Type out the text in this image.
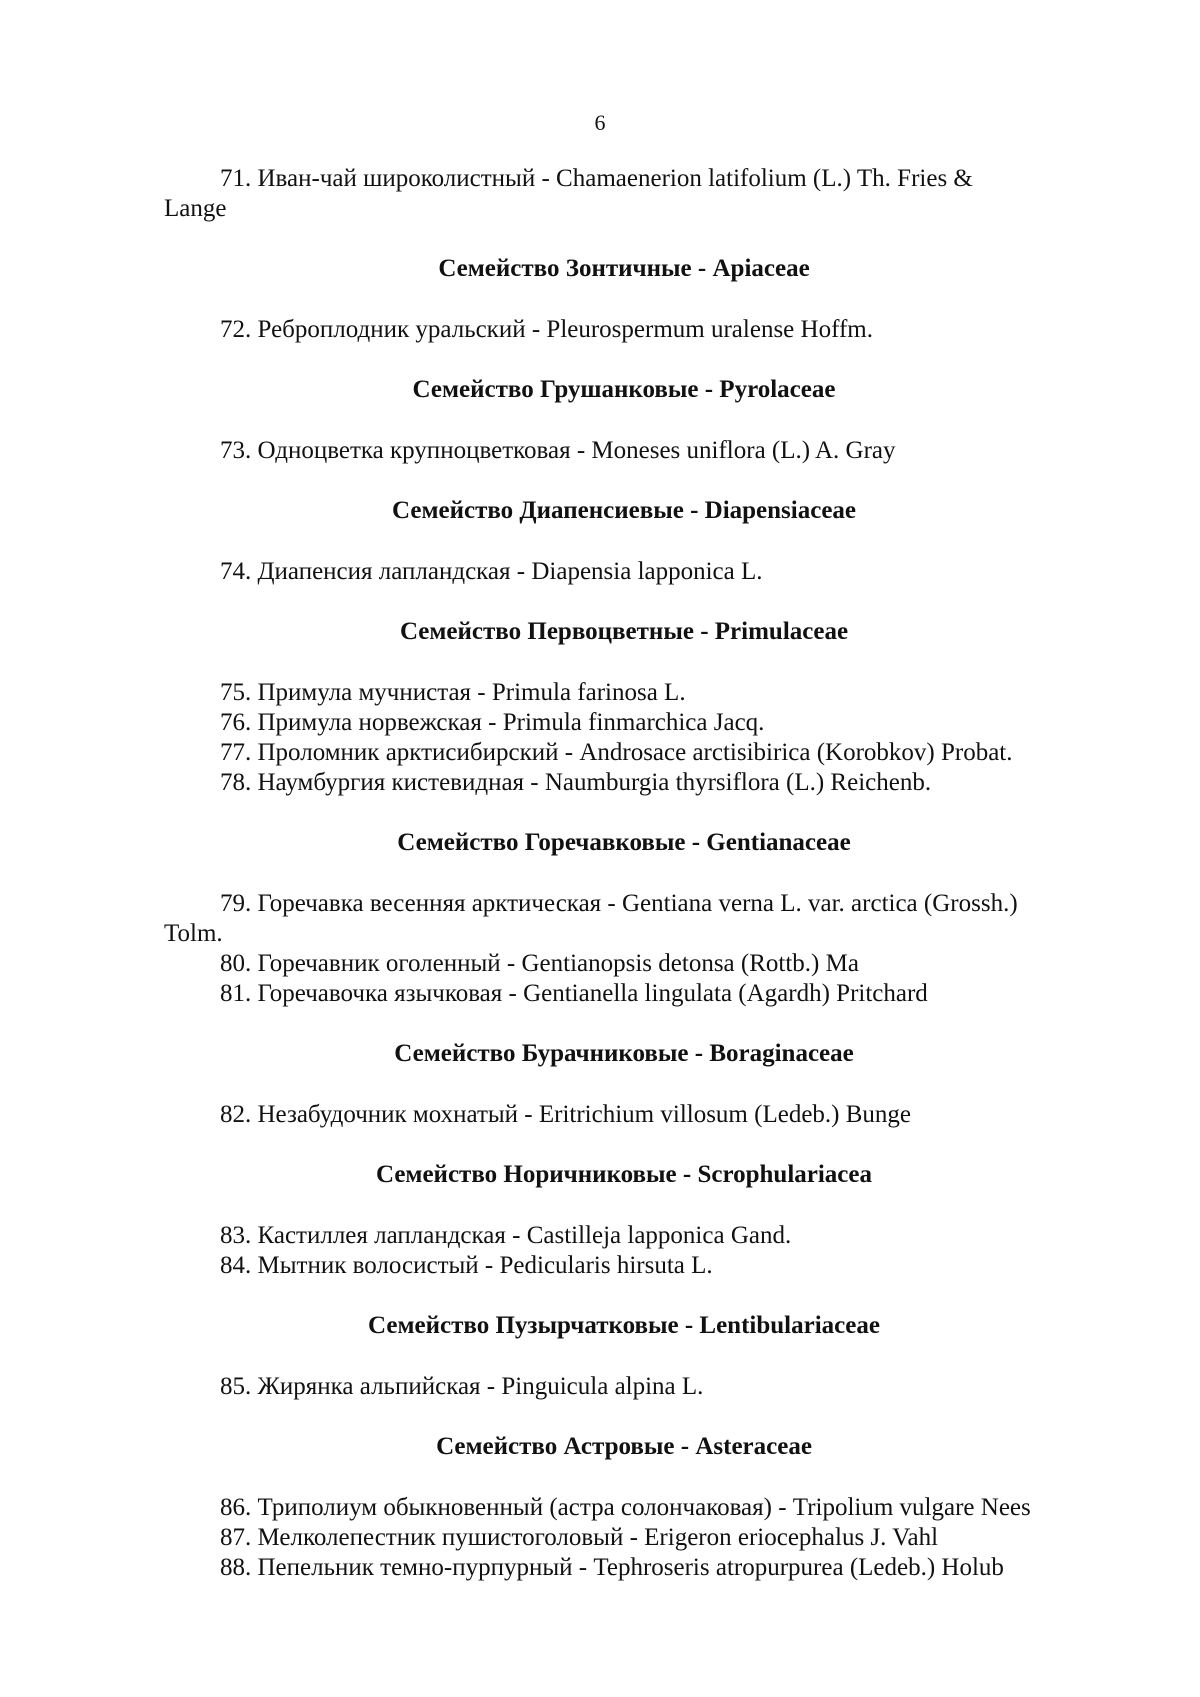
6
71. Иван-чай широколистный - Chamaenerion latifolium (L.) Th. Fries &
Lange
Семейство Зонтичные - Apiaceae
72. Реброплодник уральский - Pleurospermum uralense Hoffm.
Семейство Грушанковые - Pyrolaceae
73. Одноцветка крупноцветковая - Moneses uniflora (L.) A. Gray
Семейство Диапенсиевые - Diapensiaceae
74. Диапенсия лапландская - Diapensia lapponica L.
Семейство Первоцветные - Primulaceae
75. Примула мучнистая - Primula farinosa L.
76. Примула норвежская - Primula finmarchica Jacq.
77. Проломник арктисибирский - Androsace arctisibirica (Korobkov) Probat.
78. Наумбургия кистевидная - Naumburgia thyrsiflora (L.) Reichenb.
Семейство Горечавковые - Gentianaceae
79. Горечавка весенняя арктическая - Gentiana verna L. var. arctica (Grossh.)
Tolm.
80. Горечавник оголенный - Gentianopsis detonsa (Rottb.) Ma
81. Горечавочка язычковая - Gentianella lingulata (Agardh) Pritchard
Семейство Бурачниковые - Boraginaceae
82. Незабудочник мохнатый - Eritrichium villosum (Ledeb.) Bunge
Семейство Норичниковые - Scrophulariacea
83. Кастиллея лапландская - Castilleja lapponica Gand.
84. Мытник волосистый - Pedicularis hirsuta L.
Семейство Пузырчатковые - Lentibulariaceae
85. Жирянка альпийская - Pinguicula alpina L.
Семейство Астровые - Asteraceae
86. Триполиум обыкновенный (астра солончаковая) - Tripolium vulgare Nees
87. Мелколепестник пушистоголовый - Erigeron eriocephalus J. Vahl
88. Пепельник темно-пурпурный - Tephroseris atropurpurea (Ledeb.) Holub
